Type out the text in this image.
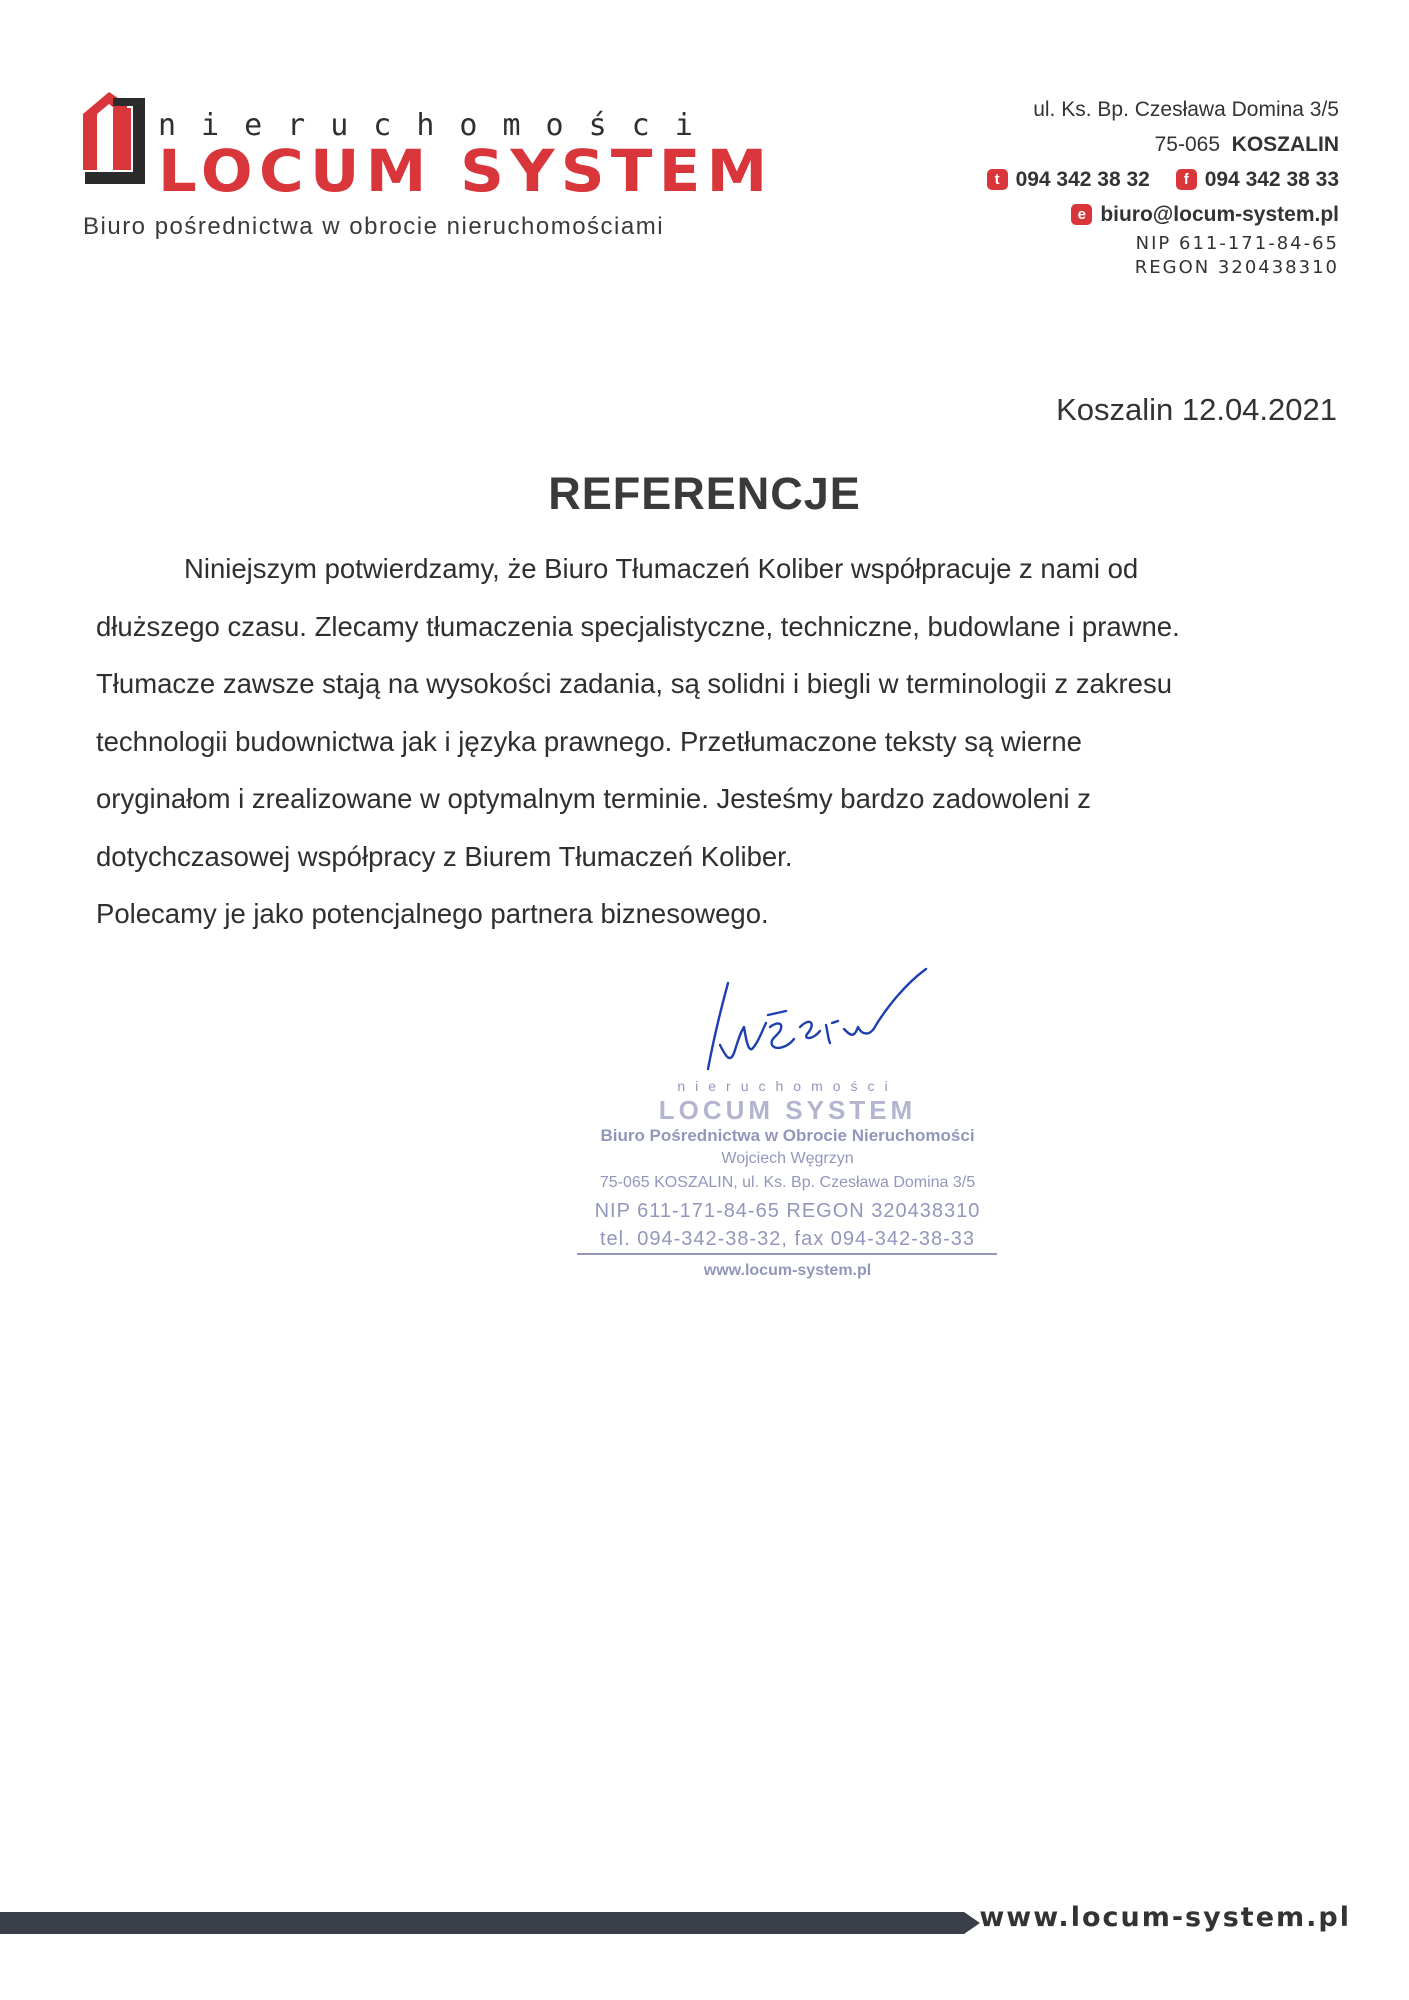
nieruchomości
LOCUM SYSTEM
Biuro pośrednictwa w obrocie nieruchomościami
ul. Ks. Bp. Czesława Domina 3/5
75-065 KOSZALIN
t 094 342 38 32 f 094 342 38 33
e biuro@locum-system.pl
NIP 611-171-84-65
REGON 320438310
Koszalin 12.04.2021
REFERENCJE
Niniejszym potwierdzamy, że Biuro Tłumaczeń Koliber współpracuje z nami od
dłuższego czasu. Zlecamy tłumaczenia specjalistyczne, techniczne, budowlane i prawne.
Tłumacze zawsze stają na wysokości zadania, są solidni i biegli w terminologii z zakresu
technologii budownictwa jak i języka prawnego. Przetłumaczone teksty są wierne
oryginałom i zrealizowane w optymalnym terminie. Jesteśmy bardzo zadowoleni z
dotychczasowej współpracy z Biurem Tłumaczeń Koliber.
Polecamy je jako potencjalnego partnera biznesowego.
nieruchomości
LOCUM SYSTEM
Biuro Pośrednictwa w Obrocie Nieruchomości
Wojciech Węgrzyn
75-065 KOSZALIN, ul. Ks. Bp. Czesława Domina 3/5
NIP 611-171-84-65 REGON 320438310
tel. 094-342-38-32, fax 094-342-38-33
www.locum-system.pl
www.locum-system.pl
